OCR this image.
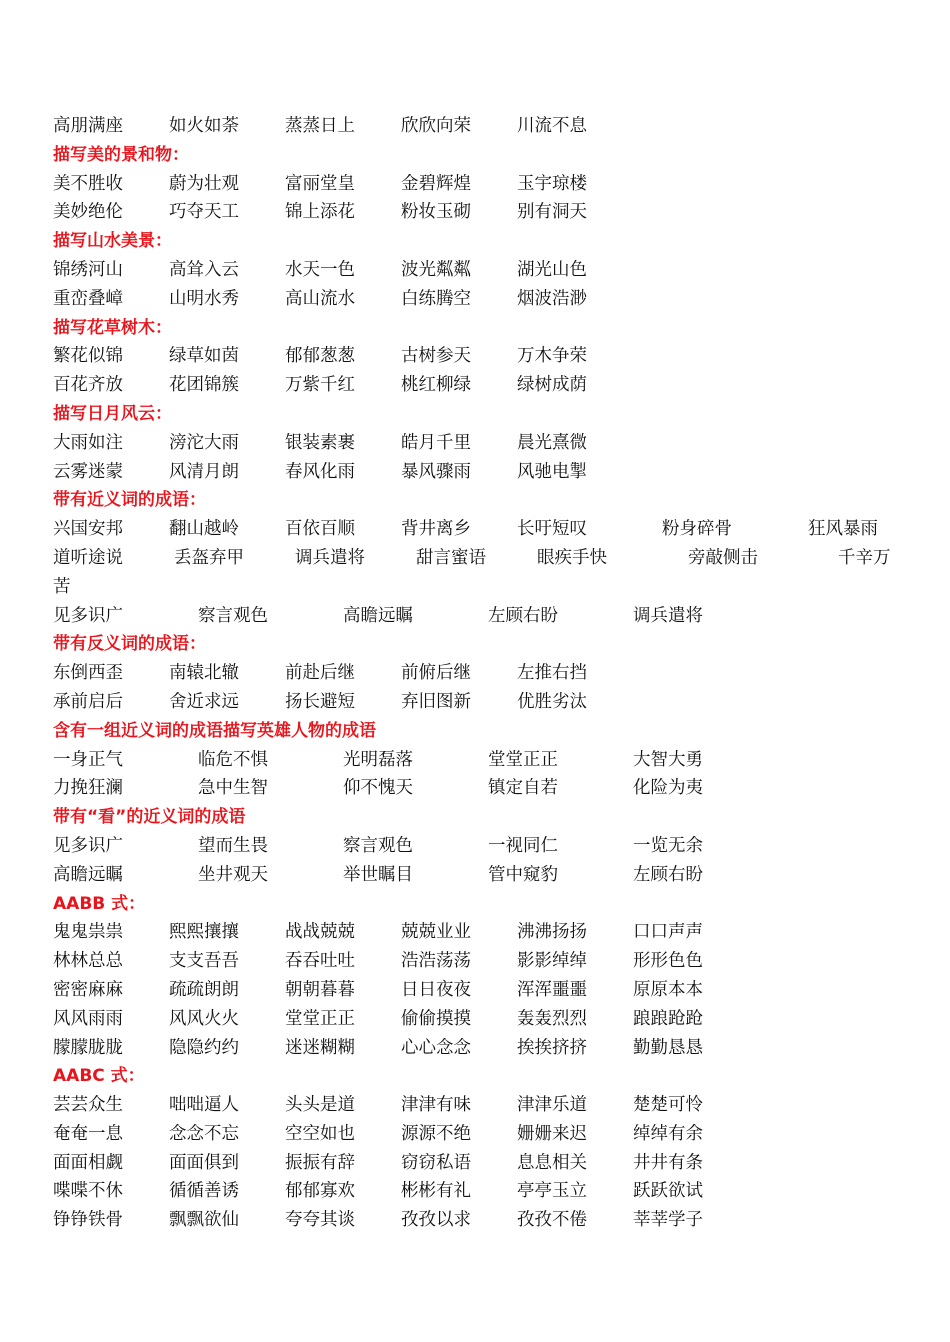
高朋满座	如火如荼	蒸蒸日上	欣欣向荣	川流不息
描写美的景和物：
美不胜收	蔚为壮观	富丽堂皇	金碧辉煌	玉宇琼楼
美妙绝伦	巧夺天工	锦上添花	粉妆玉砌	别有洞天
描写山水美景：
锦绣河山	高耸入云	水天一色	波光粼粼	湖光山色
重峦叠嶂	山明水秀	高山流水	白练腾空	烟波浩渺
描写花草树木：
繁花似锦	绿草如茵	郁郁葱葱	古树参天	万木争荣
百花齐放	花团锦簇	万紫千红	桃红柳绿	绿树成荫
描写日月风云：
大雨如注	滂沱大雨	银装素裹	皓月千里	晨光熹微
云雾迷蒙	风清月朗	春风化雨	暴风骤雨	风驰电掣
带有近义词的成语：
兴国安邦	翻山越岭	百依百顺	背井离乡	长吁短叹	粉身碎骨	狂风暴雨
道听途说	丢盔弃甲	调兵遣将	甜言蜜语	眼疾手快	旁敲侧击	千辛万
苦
见多识广	察言观色	高瞻远瞩	左顾右盼	调兵遣将
带有反义词的成语：
东倒西歪	南辕北辙	前赴后继	前俯后继	左推右挡
承前启后	舍近求远	扬长避短	弃旧图新	优胜劣汰
含有一组近义词的成语描写英雄人物的成语
一身正气	临危不惧	光明磊落	堂堂正正	大智大勇
力挽狂澜	急中生智	仰不愧天	镇定自若	化险为夷
带有“看”的近义词的成语
见多识广	望而生畏	察言观色	一视同仁	一览无余
高瞻远瞩	坐井观天	举世瞩目	管中窥豹	左顾右盼
AABB 式：
鬼鬼祟祟	熙熙攘攘	战战兢兢	兢兢业业	沸沸扬扬	口口声声
林林总总	支支吾吾	吞吞吐吐	浩浩荡荡	影影绰绰	形形色色
密密麻麻	疏疏朗朗	朝朝暮暮	日日夜夜	浑浑噩噩	原原本本
风风雨雨	风风火火	堂堂正正	偷偷摸摸	轰轰烈烈	踉踉跄跄
朦朦胧胧	隐隐约约	迷迷糊糊	心心念念	挨挨挤挤	勤勤恳恳
AABC 式：
芸芸众生	咄咄逼人	头头是道	津津有味	津津乐道	楚楚可怜
奄奄一息	念念不忘	空空如也	源源不绝	姗姗来迟	绰绰有余
面面相觑	面面俱到	振振有辞	窃窃私语	息息相关	井井有条
喋喋不休	循循善诱	郁郁寡欢	彬彬有礼	亭亭玉立	跃跃欲试
铮铮铁骨	飘飘欲仙	夸夸其谈	孜孜以求	孜孜不倦	莘莘学子
